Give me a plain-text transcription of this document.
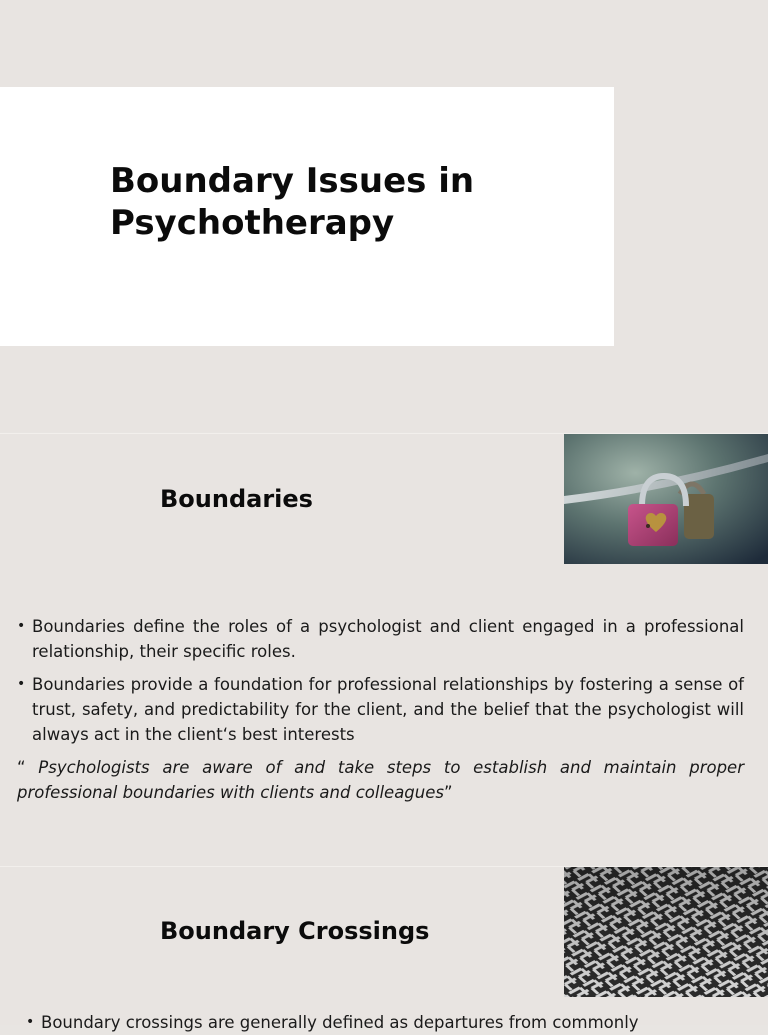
Boundary Issues in Psychotherapy
Boundaries
• Boundaries define the roles of a psychologist and client engaged in a professional relationship, their specific roles.
• Boundaries provide a foundation for professional relationships by fostering a sense of trust, safety, and predictability for the client, and the belief that the psychologist will always act in the client‘s best interests

“ Psychologists are aware of and take steps to establish and maintain proper professional boundaries with clients and colleagues”

Boundary Crossings

• Boundary crossings are generally defined as departures from commonly
